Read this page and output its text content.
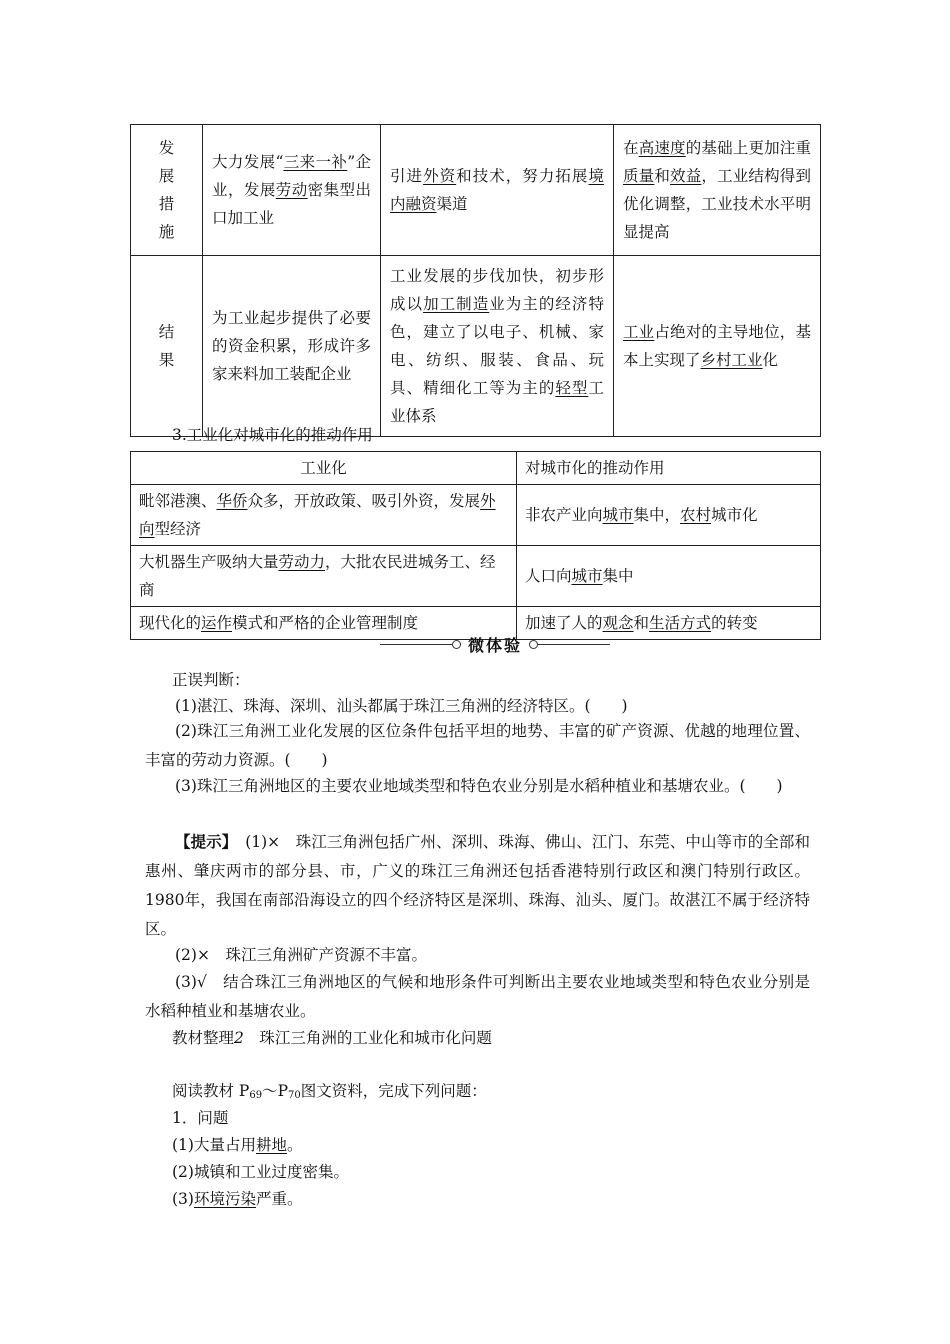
发
展
措
施	大力发展“三来一补”企业，发展劳动密集型出口加工业	引进外资和技术，努力拓展境内融资渠道	在高速度的基础上更加注重质量和效益，工业结构得到优化调整，工业技术水平明显提高
结
果	为工业起步提供了必要的资金积累，形成许多家来料加工装配企业	工业发展的步伐加快，初步形成以加工制造业为主的经济特色，建立了以电子、机械、家电、纺织、服装、食品、玩具、精细化工等为主的轻型工业体系	工业占绝对的主导地位，基本上实现了乡村工业化
3.工业化对城市化的推动作用
工业化	对城市化的推动作用
毗邻港澳、华侨众多，开放政策、吸引外资，发展外向型经济	非农产业向城市集中，农村城市化
大机器生产吸纳大量劳动力，大批农民进城务工、经商	人口向城市集中
现代化的运作模式和严格的企业管理制度	加速了人的观念和生活方式的转变
微体验
正误判断：
(1)湛江、珠海、深圳、汕头都属于珠江三角洲的经济特区。(　　)
(2)珠江三角洲工业化发展的区位条件包括平坦的地势、丰富的矿产资源、优越的地理位置、丰富的劳动力资源。(　　)
(3)珠江三角洲地区的主要农业地域类型和特色农业分别是水稻种植业和基塘农业。(　　)
【提示】　 (1)×　珠江三角洲包括广州、深圳、珠海、佛山、江门、东莞、中山等市的全部和惠州、肇庆两市的部分县、市，广义的珠江三角洲还包括香港特别行政区和澳门特别行政区。1980年，我国在南部沿海设立的四个经济特区是深圳、珠海、汕头、厦门。故湛江不属于经济特区。
(2)×　珠江三角洲矿产资源不丰富。
(3)√　结合珠江三角洲地区的气候和地形条件可判断出主要农业地域类型和特色农业分别是水稻种植业和基塘农业。
教材整理2　珠江三角洲的工业化和城市化问题
阅读教材 $P_{69}\sim P_{70}$图文资料，完成下列问题：
1．问题
(1)大量占用耕地。
(2)城镇和工业过度密集。
(3)环境污染严重。
